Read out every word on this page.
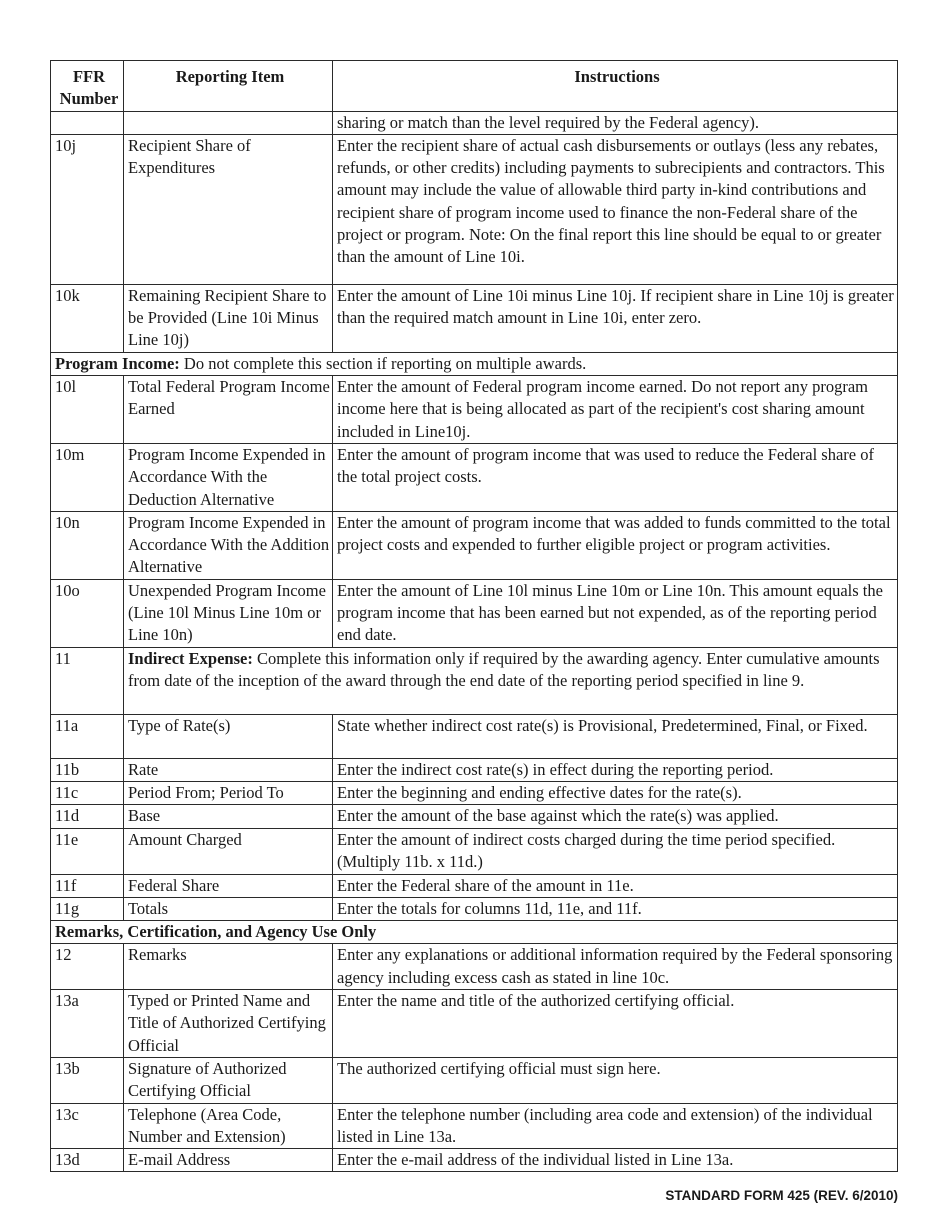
FFR Number	Reporting Item	Instructions
		sharing or match than the level required by the Federal agency).
10j	Recipient Share of Expenditures	Enter the recipient share of actual cash disbursements or outlays (less any rebates, refunds, or other credits) including payments to subrecipients and contractors. This amount may include the value of allowable third party in-kind contributions and recipient share of program income used to finance the non-Federal share of the project or program. Note: On the final report this line should be equal to or greater than the amount of Line 10i.
10k	Remaining Recipient Share to be Provided (Line 10i Minus Line 10j)	Enter the amount of Line 10i minus Line 10j. If recipient share in Line 10j is greater than the required match amount in Line 10i, enter zero.
Program Income: Do not complete this section if reporting on multiple awards.		
10l	Total Federal Program Income Earned	Enter the amount of Federal program income earned. Do not report any program income here that is being allocated as part of the recipient's cost sharing amount included in Line10j.
10m	Program Income Expended in Accordance With the Deduction Alternative	Enter the amount of program income that was used to reduce the Federal share of the total project costs.
10n	Program Income Expended in Accordance With the Addition Alternative	Enter the amount of program income that was added to funds committed to the total project costs and expended to further eligible project or program activities.
10o	Unexpended Program Income (Line 10l Minus Line 10m or Line 10n)	Enter the amount of Line 10l minus Line 10m or Line 10n. This amount equals the program income that has been earned but not expended, as of the reporting period end date.
11	Indirect Expense: Complete this information only if required by the awarding agency. Enter cumulative amounts from date of the inception of the award through the end date of the reporting period specified in line 9.	
11a	Type of Rate(s)	State whether indirect cost rate(s) is Provisional, Predetermined, Final, or Fixed.
11b	Rate	Enter the indirect cost rate(s) in effect during the reporting period.
11c	Period From; Period To	Enter the beginning and ending effective dates for the rate(s).
11d	Base	Enter the amount of the base against which the rate(s) was applied.
11e	Amount Charged	Enter the amount of indirect costs charged during the time period specified. (Multiply 11b. x 11d.)
11f	Federal Share	Enter the Federal share of the amount in 11e.
11g	Totals	Enter the totals for columns 11d, 11e, and 11f.
Remarks, Certification, and Agency Use Only		
12	Remarks	Enter any explanations or additional information required by the Federal sponsoring agency including excess cash as stated in line 10c.
13a	Typed or Printed Name and Title of Authorized Certifying Official	Enter the name and title of the authorized certifying official.
13b	Signature of Authorized Certifying Official	The authorized certifying official must sign here.
13c	Telephone (Area Code, Number and Extension)	Enter the telephone number (including area code and extension) of the individual listed in Line 13a.
13d	E-mail Address	Enter the e-mail address of the individual listed in Line 13a.
STANDARD FORM 425 (REV. 6/2010)
